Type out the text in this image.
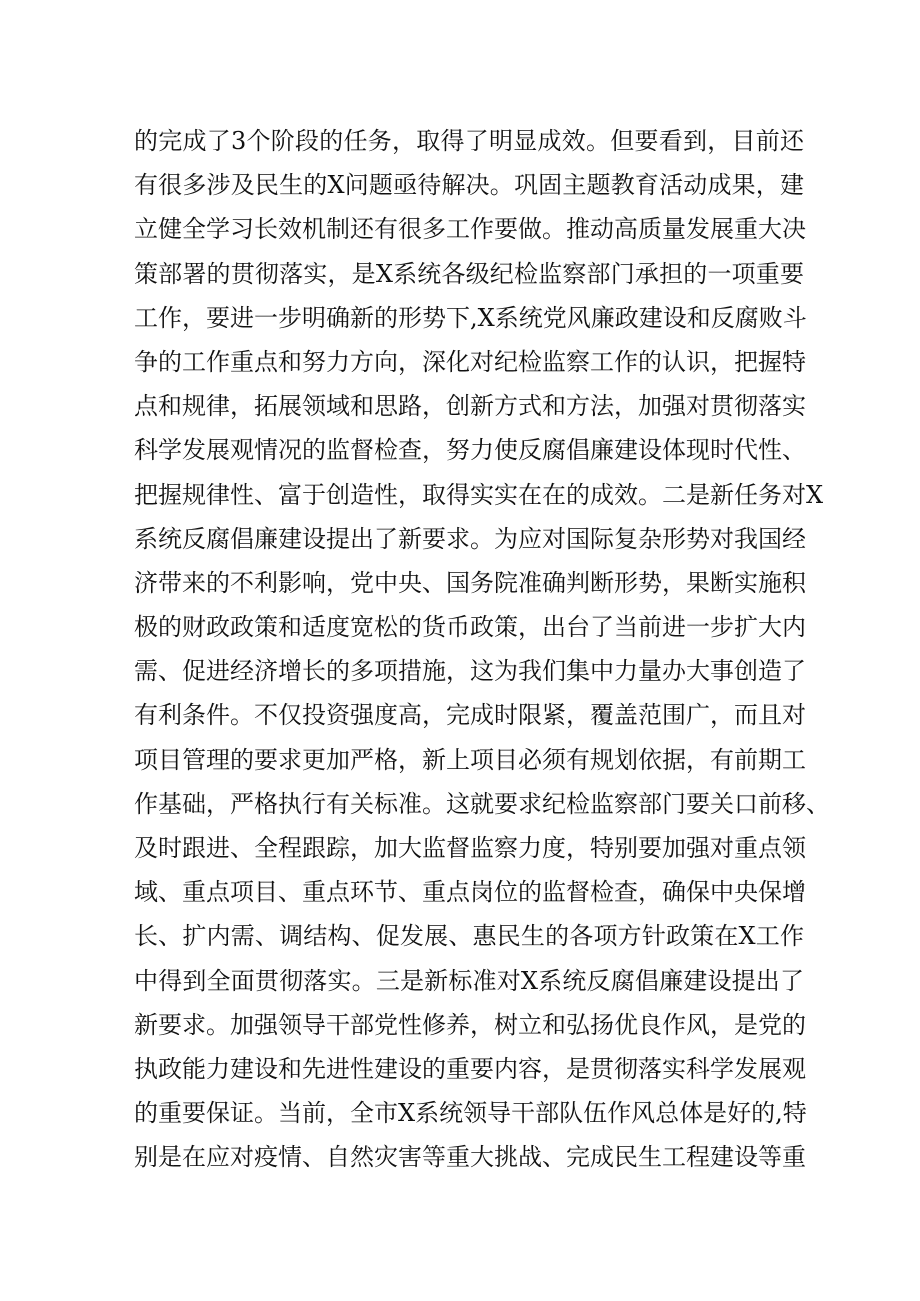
的完成了3个阶段的任务，取得了明显成效。但要看到，目前还
有很多涉及民生的X问题亟待解决。巩固主题教育活动成果，建
立健全学习长效机制还有很多工作要做。推动高质量发展重大决
策部署的贯彻落实，是X系统各级纪检监察部门承担的一项重要
工作，要进一步明确新的形势下,X系统党风廉政建设和反腐败斗
争的工作重点和努力方向，深化对纪检监察工作的认识，把握特
点和规律，拓展领域和思路，创新方式和方法，加强对贯彻落实
科学发展观情况的监督检查，努力使反腐倡廉建设体现时代性、
把握规律性、富于创造性，取得实实在在的成效。二是新任务对X
系统反腐倡廉建设提出了新要求。为应对国际复杂形势对我国经
济带来的不利影响，党中央、国务院准确判断形势，果断实施积
极的财政政策和适度宽松的货币政策，出台了当前进一步扩大内
需、促进经济增长的多项措施，这为我们集中力量办大事创造了
有利条件。不仅投资强度高，完成时限紧，覆盖范围广，而且对
项目管理的要求更加严格，新上项目必须有规划依据，有前期工
作基础，严格执行有关标准。这就要求纪检监察部门要关口前移、
及时跟进、全程跟踪，加大监督监察力度，特别要加强对重点领
域、重点项目、重点环节、重点岗位的监督检查，确保中央保增
长、扩内需、调结构、促发展、惠民生的各项方针政策在X工作
中得到全面贯彻落实。三是新标准对X系统反腐倡廉建设提出了
新要求。加强领导干部党性修养，树立和弘扬优良作风，是党的
执政能力建设和先进性建设的重要内容，是贯彻落实科学发展观
的重要保证。当前，全市X系统领导干部队伍作风总体是好的,特
别是在应对疫情、自然灾害等重大挑战、完成民生工程建设等重
